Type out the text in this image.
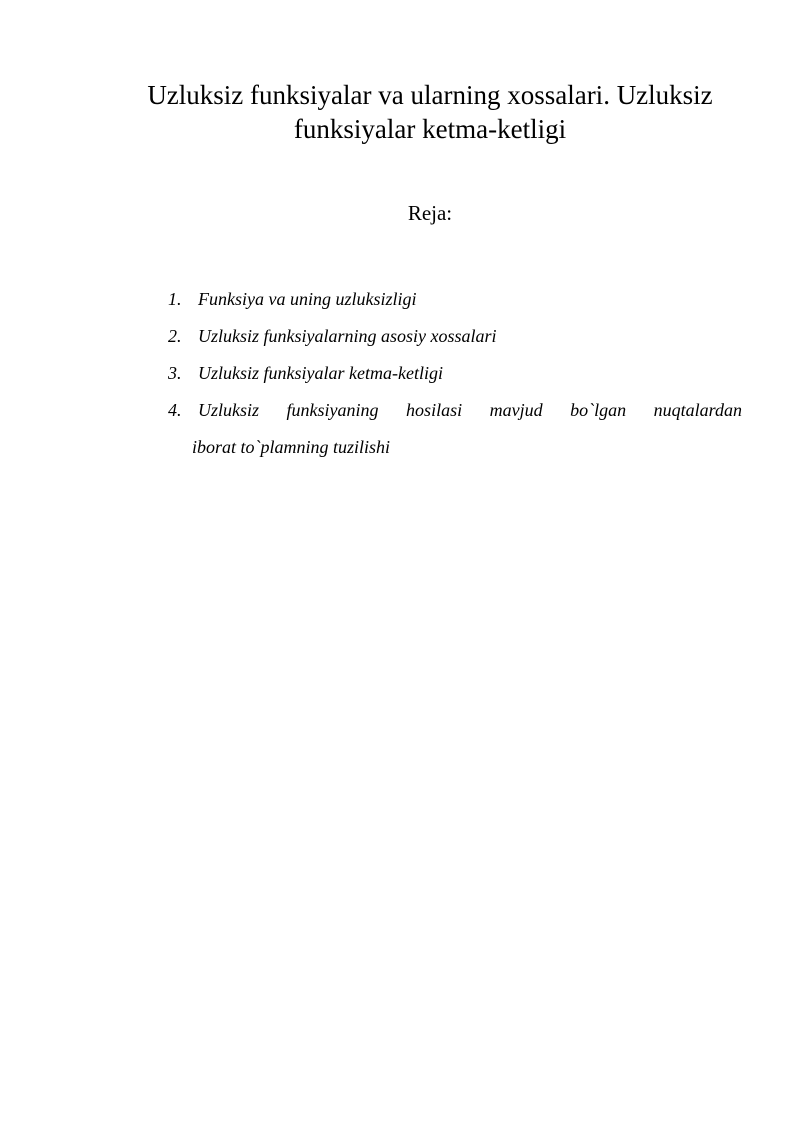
Uzluksiz funksiyalar va ularning xossalari. Uzluksiz funksiyalar ketma-ketligi

Reja:

1. Funksiya va uning uzluksizligi
2. Uzluksiz funksiyalarning asosiy xossalari
3. Uzluksiz funksiyalar ketma-ketligi
4. Uzluksiz funksiyaning hosilasi mavjud bo`lgan nuqtalardan
iborat to`plamning tuzilishi
